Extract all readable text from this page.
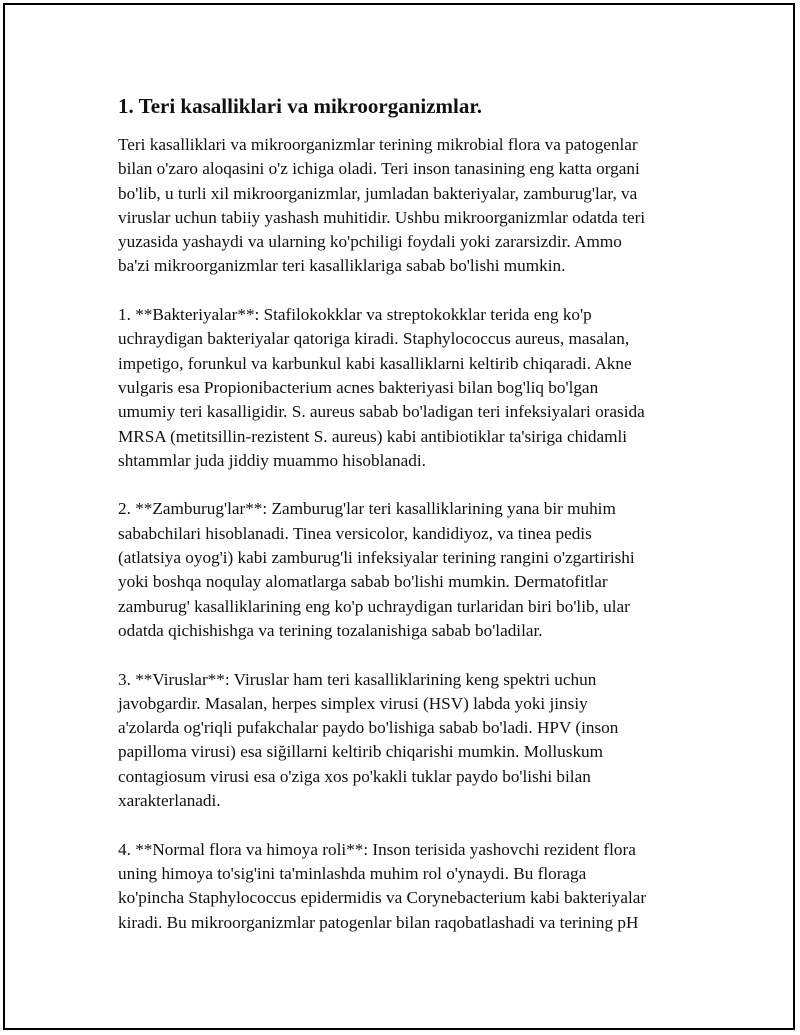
1. Teri kasalliklari va mikroorganizmlar.

Teri kasalliklari va mikroorganizmlar terining mikrobial flora va patogenlar
bilan o'zaro aloqasini o'z ichiga oladi. Teri inson tanasining eng katta organi
bo'lib, u turli xil mikroorganizmlar, jumladan bakteriyalar, zamburug'lar, va
viruslar uchun tabiiy yashash muhitidir. Ushbu mikroorganizmlar odatda teri
yuzasida yashaydi va ularning ko'pchiligi foydali yoki zararsizdir. Ammo
ba'zi mikroorganizmlar teri kasalliklariga sabab bo'lishi mumkin.

1. **Bakteriyalar**: Stafilokokklar va streptokokklar terida eng ko'p
uchraydigan bakteriyalar qatoriga kiradi. Staphylococcus aureus, masalan,
impetigo, forunkul va karbunkul kabi kasalliklarni keltirib chiqaradi. Akne
vulgaris esa Propionibacterium acnes bakteriyasi bilan bog'liq bo'lgan
umumiy teri kasalligidir. S. aureus sabab bo'ladigan teri infeksiyalari orasida
MRSA (metitsillin-rezistent S. aureus) kabi antibiotiklar ta'siriga chidamli
shtammlar juda jiddiy muammo hisoblanadi.

2. **Zamburug'lar**: Zamburug'lar teri kasalliklarining yana bir muhim
sababchilari hisoblanadi. Tinea versicolor, kandidiyoz, va tinea pedis
(atlatsiya oyog'i) kabi zamburug'li infeksiyalar terining rangini o'zgartirishi
yoki boshqa noqulay alomatlarga sabab bo'lishi mumkin. Dermatofitlar
zamburug' kasalliklarining eng ko'p uchraydigan turlaridan biri bo'lib, ular
odatda qichishishga va terining tozalanishiga sabab bo'ladilar.

3. **Viruslar**: Viruslar ham teri kasalliklarining keng spektri uchun
javobgardir. Masalan, herpes simplex virusi (HSV) labda yoki jinsiy
a'zolarda og'riqli pufakchalar paydo bo'lishiga sabab bo'ladi. HPV (inson
papilloma virusi) esa siğillarni keltirib chiqarishi mumkin. Molluskum
contagiosum virusi esa o'ziga xos po'kakli tuklar paydo bo'lishi bilan
xarakterlanadi.

4. **Normal flora va himoya roli**: Inson terisida yashovchi rezident flora
uning himoya to'sig'ini ta'minlashda muhim rol o'ynaydi. Bu floraga
ko'pincha Staphylococcus epidermidis va Corynebacterium kabi bakteriyalar
kiradi. Bu mikroorganizmlar patogenlar bilan raqobatlashadi va terining pH
